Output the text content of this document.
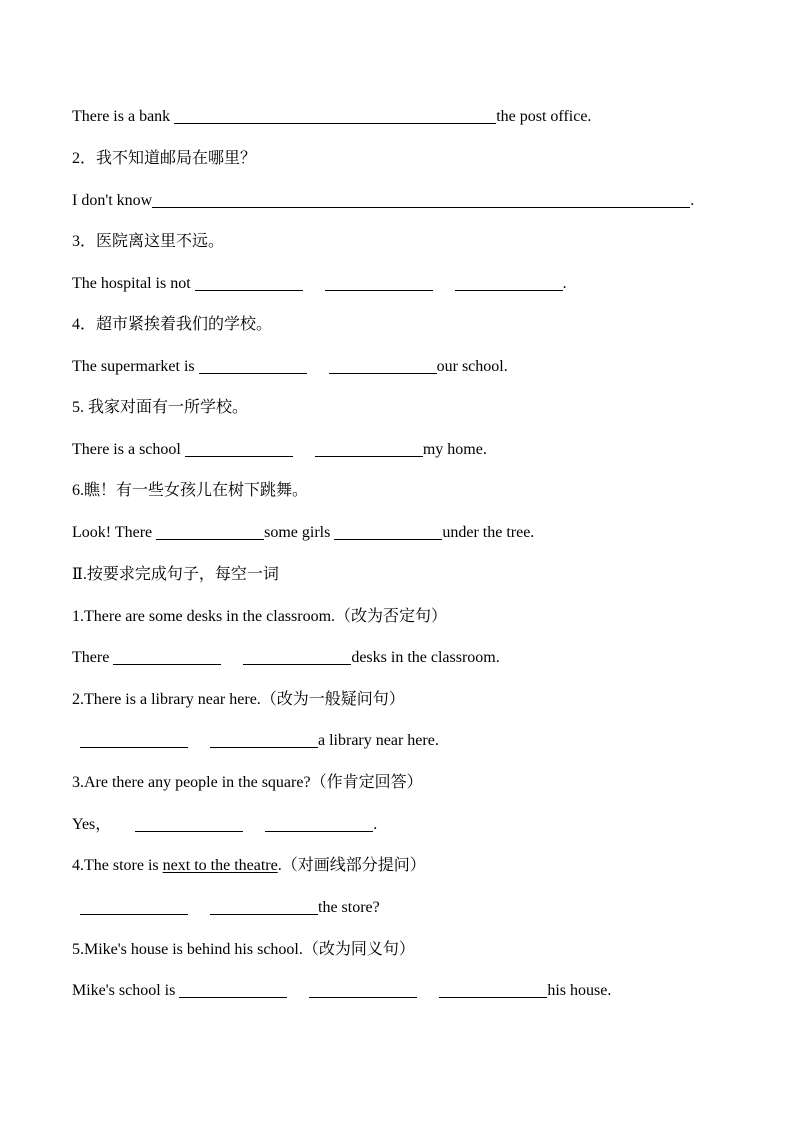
There is a bank	the post office.
2．我不知道邮局在哪里？
I don't know	.
3．医院离这里不远。
The hospital is not	.
4．超市紧挨着我们的学校。
The supermarket is	our school.
5. 我家对面有一所学校。
There is a school	my home.
6.瞧！有一些女孩儿在树下跳舞。
Look! There	some girls	under the tree.
Ⅱ.按要求完成句子，每空一词
1.There are some desks in the classroom.（改为否定句）
There	desks in the classroom.
2.There is a library near here.（改为一般疑问句）
a library near here.
3.Are there any people in the square?（作肯定回答）
Yes，	.
4.The store is next to the theatre.（对画线部分提问）
the store?
5.Mike's house is behind his school.（改为同义句）
Mike's school is	his house.
